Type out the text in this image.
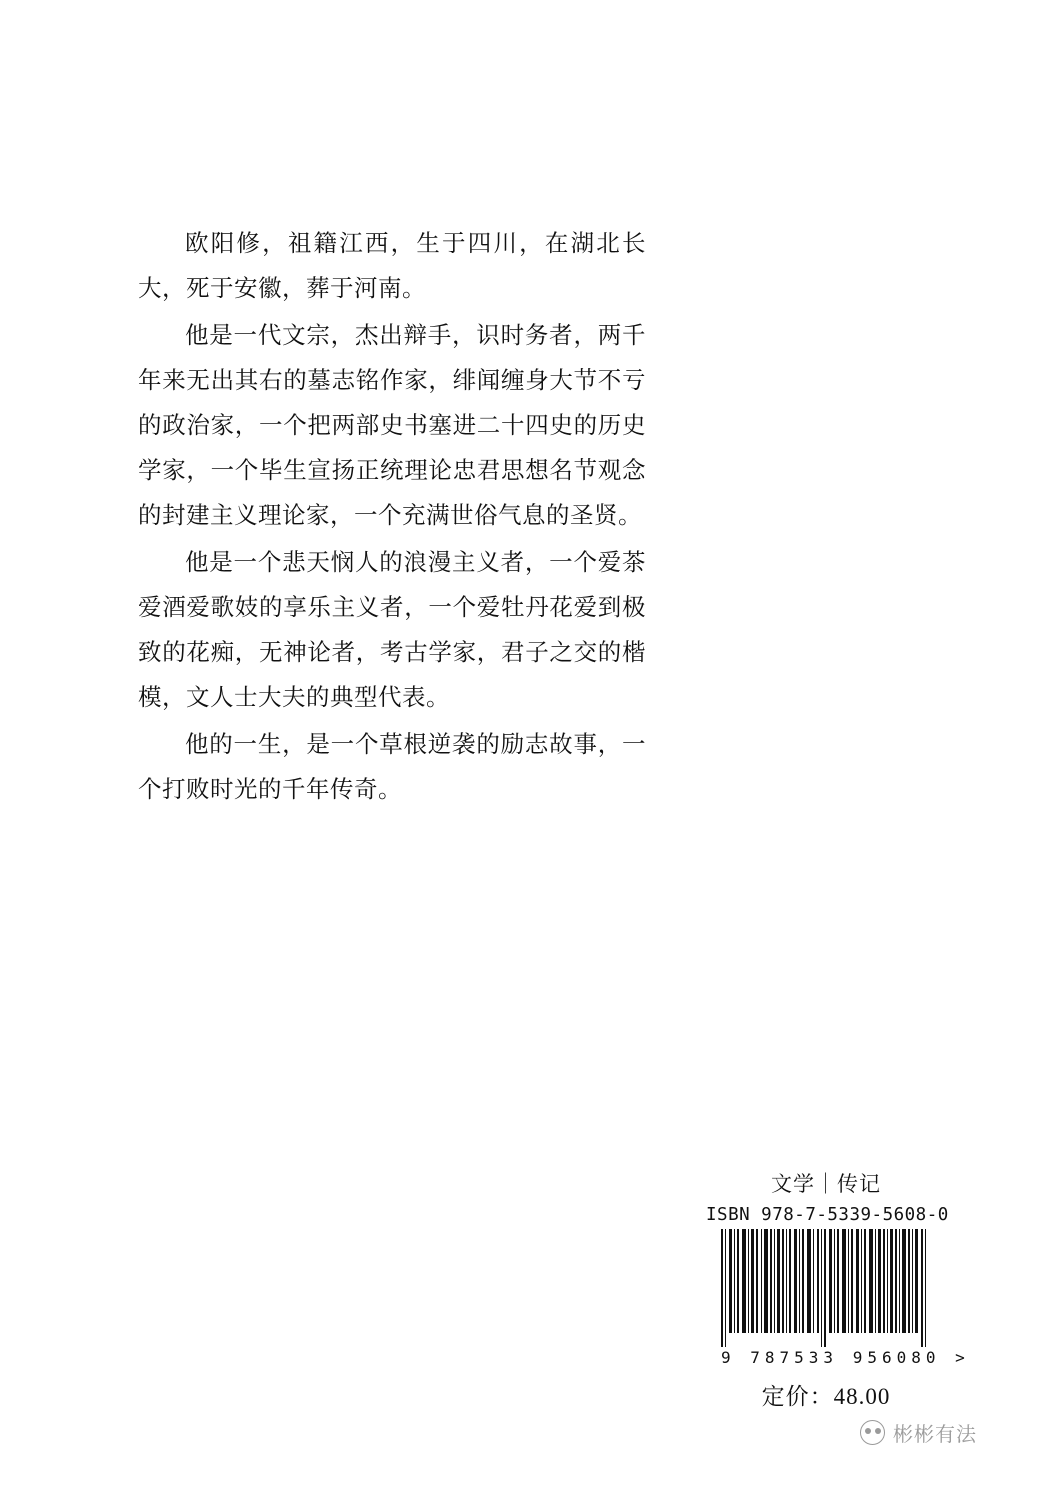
欧阳修，祖籍江西，生于四川，在湖北长大，死于安徽，葬于河南。

他是一代文宗，杰出辩手，识时务者，两千年来无出其右的墓志铭作家，绯闻缠身大节不亏的政治家，一个把两部史书塞进二十四史的历史学家，一个毕生宣扬正统理论忠君思想名节观念的封建主义理论家，一个充满世俗气息的圣贤。

他是一个悲天悯人的浪漫主义者，一个爱茶爱酒爱歌妓的享乐主义者，一个爱牡丹花爱到极致的花痴，无神论者，考古学家，君子之交的楷模，文人士大夫的典型代表。

他的一生，是一个草根逆袭的励志故事，一个打败时光的千年传奇。

文学｜传记
ISBN 978-7-5339-5608-0
9 787533 956080 >
定价：48.00
彬彬有法
